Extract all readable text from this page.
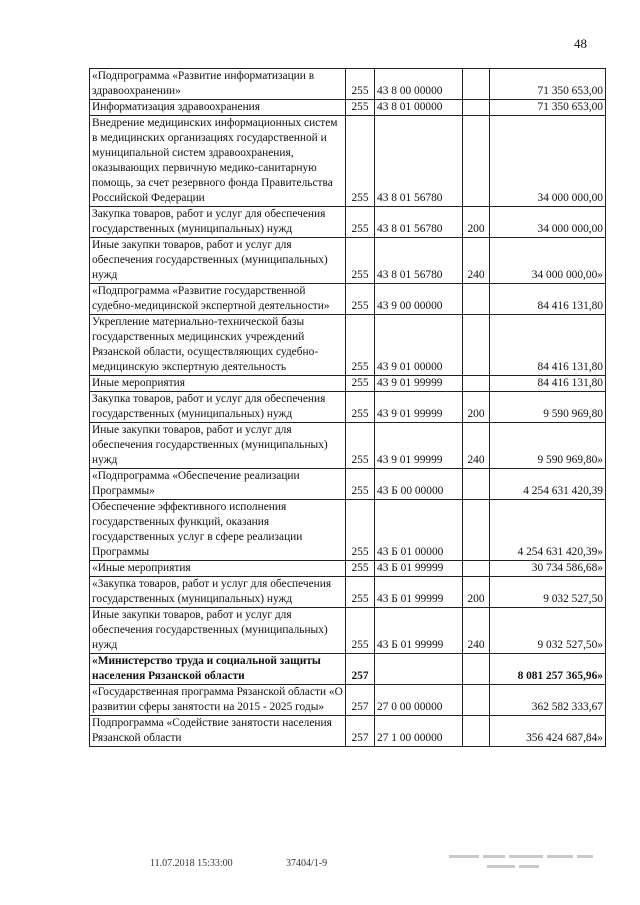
48
«Подпрограмма «Развитие информатизации в здравоохранении»	255	43 8 00 00000		71 350 653,00
Информатизация здравоохранения	255	43 8 01 00000		71 350 653,00
Внедрение медицинских информационных систем в медицинских организациях государственной и муниципальной систем здравоохранения, оказывающих первичную медико-санитарную помощь, за счет резервного фонда Правительства Российской Федерации	255	43 8 01 56780		34 000 000,00
Закупка товаров, работ и услуг для обеспечения государственных (муниципальных) нужд	255	43 8 01 56780	200	34 000 000,00
Иные закупки товаров, работ и услуг для обеспечения государственных (муниципальных) нужд	255	43 8 01 56780	240	34 000 000,00»
«Подпрограмма «Развитие государственной судебно-медицинской экспертной деятельности»	255	43 9 00 00000		84 416 131,80
Укрепление материально-технической базы государственных медицинских учреждений Рязанской области, осуществляющих судебно-медицинскую экспертную деятельность	255	43 9 01 00000		84 416 131,80
Иные мероприятия	255	43 9 01 99999		84 416 131,80
Закупка товаров, работ и услуг для обеспечения государственных (муниципальных) нужд	255	43 9 01 99999	200	9 590 969,80
Иные закупки товаров, работ и услуг для обеспечения государственных (муниципальных) нужд	255	43 9 01 99999	240	9 590 969,80»
«Подпрограмма «Обеспечение реализации Программы»	255	43 Б 00 00000		4 254 631 420,39
Обеспечение эффективного исполнения государственных функций, оказания государственных услуг в сфере реализации Программы	255	43 Б 01 00000		4 254 631 420,39»
«Иные мероприятия	255	43 Б 01 99999		30 734 586,68»
«Закупка товаров, работ и услуг для обеспечения государственных (муниципальных) нужд	255	43 Б 01 99999	200	9 032 527,50
Иные закупки товаров, работ и услуг для обеспечения государственных (муниципальных) нужд	255	43 Б 01 99999	240	9 032 527,50»
«Министерство труда и социальной защиты населения Рязанской области	257			8 081 257 365,96»
«Государственная программа Рязанской области «О развитии сферы занятости на 2015 - 2025 годы»	257	27 0 00 00000		362 582 333,67
Подпрограмма «Содействие занятости населения Рязанской области	257	27 1 00 00000		356 424 687,84»
11.07.2018 15:33:00	37404/1-9
